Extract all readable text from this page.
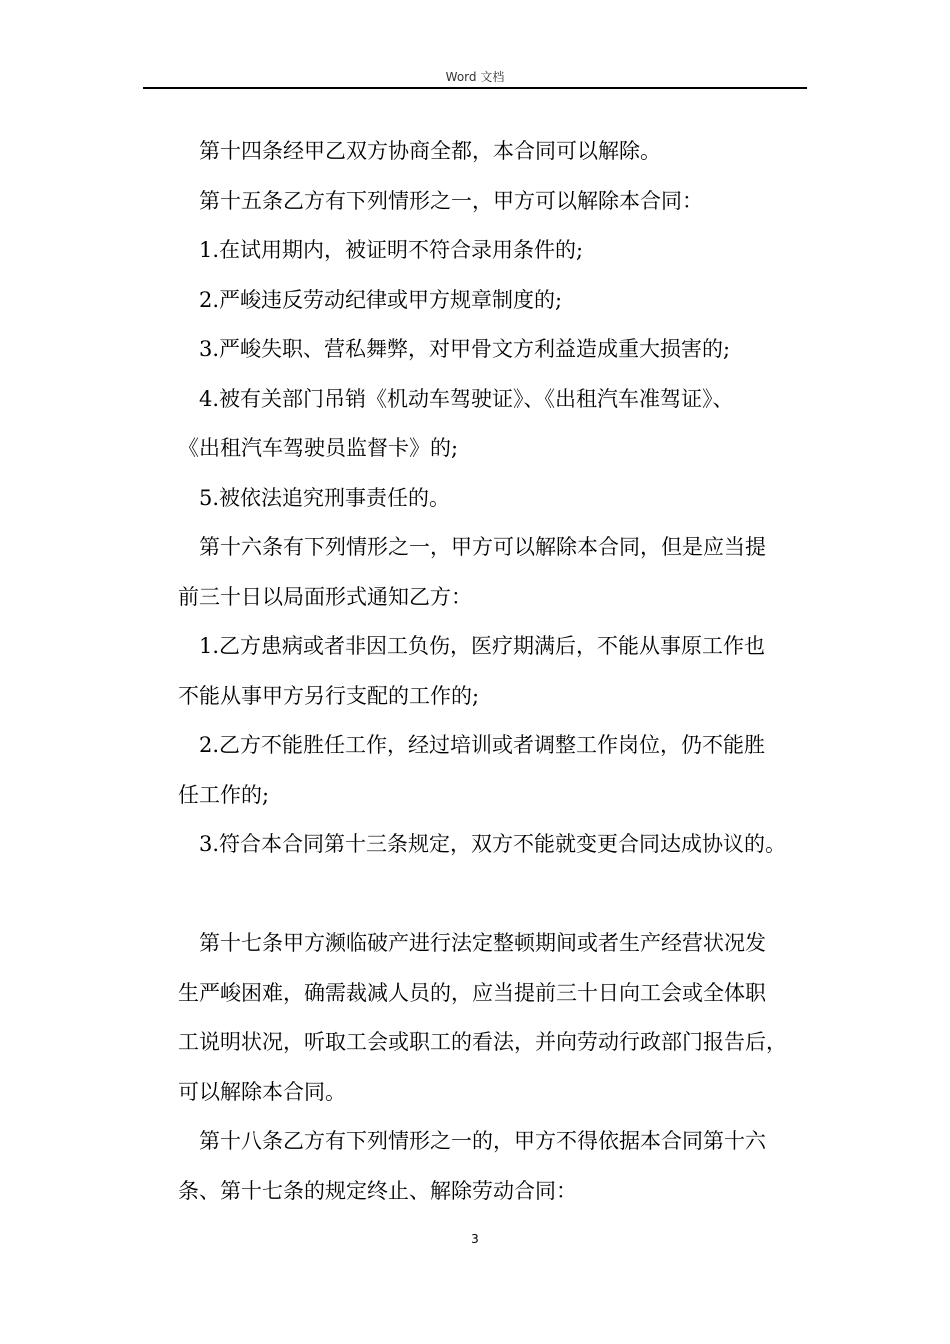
Word 文档

第十四条经甲乙双方协商全都，本合同可以解除。

第十五条乙方有下列情形之一，甲方可以解除本合同：

1.在试用期内，被证明不符合录用条件的;

2.严峻违反劳动纪律或甲方规章制度的;

3.严峻失职、营私舞弊，对甲骨文方利益造成重大损害的;

4.被有关部门吊销《机动车驾驶证》、《出租汽车准驾证》、

《出租汽车驾驶员监督卡》的;

5.被依法追究刑事责任的。

第十六条有下列情形之一，甲方可以解除本合同，但是应当提

前三十日以局面形式通知乙方：

1.乙方患病或者非因工负伤，医疗期满后，不能从事原工作也

不能从事甲方另行支配的工作的;

2.乙方不能胜任工作，经过培训或者调整工作岗位，仍不能胜

任工作的;

3.符合本合同第十三条规定，双方不能就变更合同达成协议的。

第十七条甲方濒临破产进行法定整顿期间或者生产经营状况发

生严峻困难，确需裁减人员的，应当提前三十日向工会或全体职

工说明状况，听取工会或职工的看法，并向劳动行政部门报告后，

可以解除本合同。

第十八条乙方有下列情形之一的，甲方不得依据本合同第十六

条、第十七条的规定终止、解除劳动合同：

3
